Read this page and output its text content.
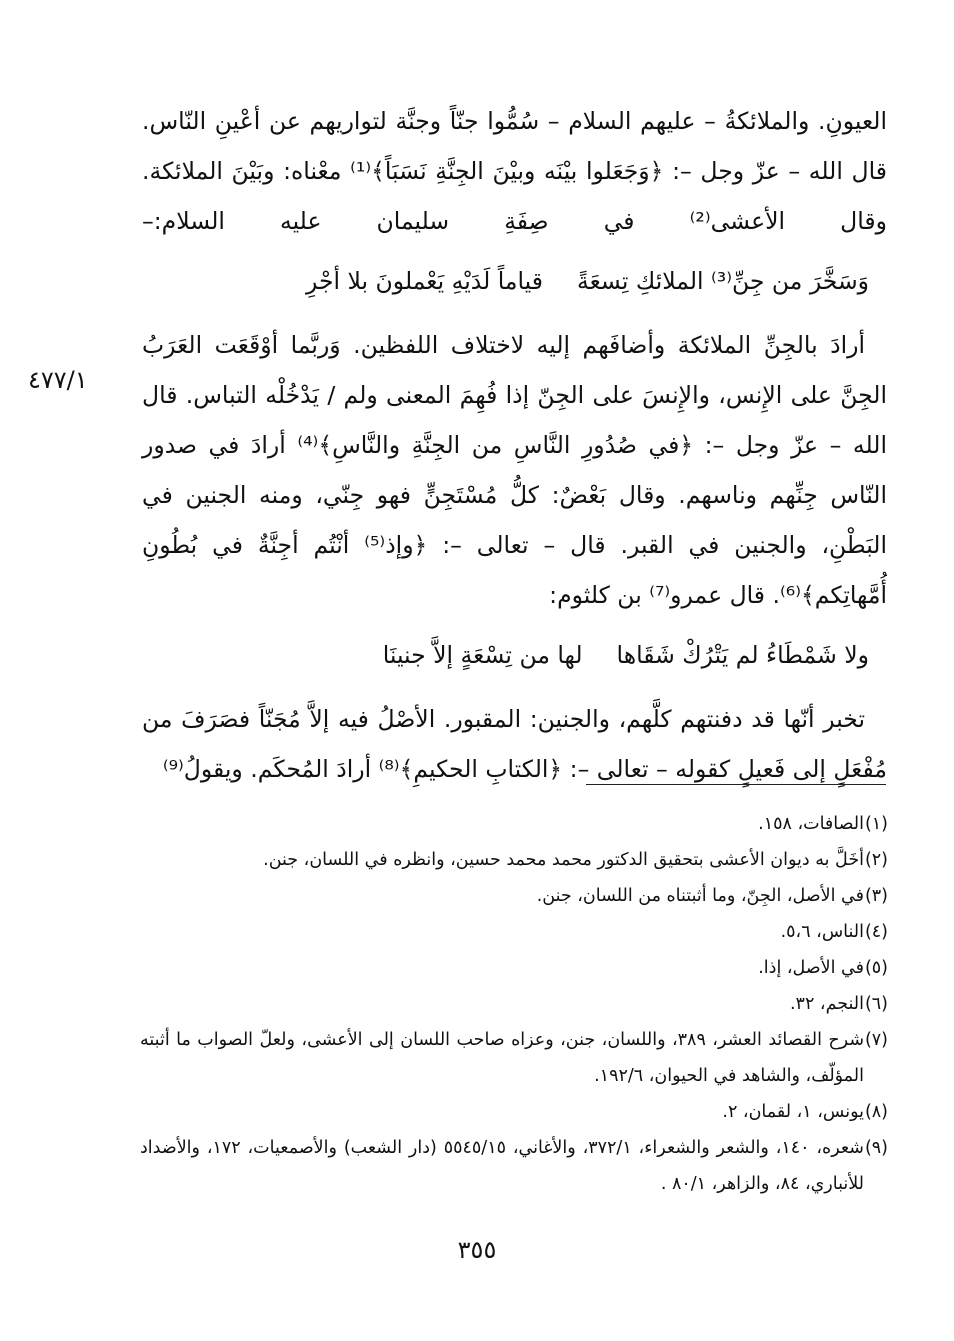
٤٧٧/١

العيونِ. والملائكةُ – عليهم السلام – سُمُّوا جنّاً وجنَّة لتواريهم عن أعْينِ النّاس. قال الله – عزّ وجل –: ﴿وَجَعَلوا بيْنَه وبيْنَ الجِنَّةِ نَسَبَاً﴾⁽¹⁾ معْناه: وبَيْنَ الملائكة. وقال الأعشى⁽²⁾ في صِفَةِ سليمان عليه السلام:–

وَسَخَّرَ من جِنِّ⁽³⁾ الملائكِ تِسعَةً
قياماً لَدَيْهِ يَعْملونَ بلا أجْرِ

أرادَ بالجِنِّ الملائكة وأضافَهم إليه لاختلاف اللفظين. وَربَّما أوْقَعَت العَرَبُ الجِنَّ على الإِنس، والإِنسَ على الجِنّ إذا فُهِمَ المعنى ولم / يَدْخُلْه التباس. قال الله – عزّ وجل –: ﴿في صُدُورِ النَّاسِ من الجِنَّةِ والنَّاسِ﴾⁽⁴⁾ أرادَ في صدور النّاس جِنِّهم وناسهم. وقال بَعْضٌ: كلُّ مُسْتَجِنٍّ فهو جِنّي، ومنه الجنين في البَطْنِ، والجنين في القبر. قال – تعالى –: ﴿وإذ⁽⁵⁾ أنْتُم أجِنَّةٌ في بُطُونِ أُمَّهاتِكم﴾⁽⁶⁾. قال عمرو⁽⁷⁾ بن كلثوم:

ولا شَمْطَاءُ لم يَتْرُكْ شَقَاها
لها من تِسْعَةٍ إلاَّ جنينَا

تخبر أنّها قد دفنتهم كلَّهم، والجنين: المقبور. الأصْلُ فيه إلاَّ مُجَنّاً فصَرَفَ من مُفْعَلٍ إلى فَعيلٍ كقوله – تعالى –: ﴿الكتابِ الحكيمِ﴾⁽⁸⁾ أرادَ المُحكَم. ويقولُ⁽⁹⁾

(١)
الصافات، ١٥٨.
(٢)
أخَلَّ به ديوان الأعشى بتحقيق الدكتور محمد محمد حسين، وانظره في اللسان، جنن.
(٣)
في الأصل، الجِنّ، وما أثبتناه من اللسان، جنن.
(٤)
الناس، ٥،٦.
(٥)
في الأصل، إذا.
(٦)
النجم، ٣٢.
(٧)
شرح القصائد العشر، ٣٨٩، واللسان، جنن، وعزاه صاحب اللسان إلى الأعشى، ولعلّ الصواب ما أثبته المؤلّف، والشاهد في الحيوان، ١٩٢/٦.
(٨)
يونس، ١، لقمان، ٢.
(٩)
شعره، ١٤٠، والشعر والشعراء، ٣٧٢/١، والأغاني، ٥٥٤٥/١٥ (دار الشعب) والأصمعيات، ١٧٢، والأضداد للأنباري، ٨٤، والزاهر، ٨٠/١ .
٣٥٥
